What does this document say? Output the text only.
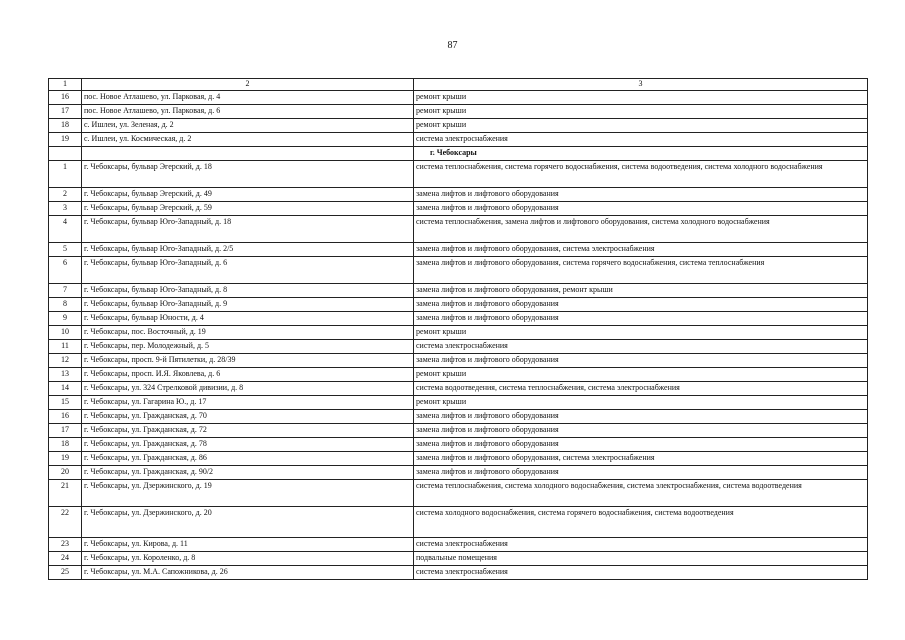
87
1	2	3
16	пос. Новое Атлашево, ул. Парковая, д. 4	ремонт крыши
17	пос. Новое Атлашево, ул. Парковая, д. 6	ремонт крыши
18	с. Ишлеи, ул. Зеленая, д. 2	ремонт крыши
19	с. Ишлеи, ул. Космическая, д. 2	система электроснабжения
		г. Чебоксары
1	г. Чебоксары, бульвар Эгерский, д. 18	система теплоснабжения, система горячего водоснабжения, система водоотведения, система холодного водоснабжения
2	г. Чебоксары, бульвар Эгерский, д. 49	замена лифтов и лифтового оборудования
3	г. Чебоксары, бульвар Эгерский, д. 59	замена лифтов и лифтового оборудования
4	г. Чебоксары, бульвар Юго-Западный, д. 18	система теплоснабжения, замена лифтов и лифтового оборудования, система холодного водоснабжения
5	г. Чебоксары, бульвар Юго-Западный, д. 2/5	замена лифтов и лифтового оборудования, система электроснабжения
6	г. Чебоксары, бульвар Юго-Западный, д. 6	замена лифтов и лифтового оборудования, система горячего водоснабжения, система теплоснабжения
7	г. Чебоксары, бульвар Юго-Западный, д. 8	замена лифтов и лифтового оборудования, ремонт крыши
8	г. Чебоксары, бульвар Юго-Западный, д. 9	замена лифтов и лифтового оборудования
9	г. Чебоксары, бульвар Юности, д. 4	замена лифтов и лифтового оборудования
10	г. Чебоксары, пос. Восточный, д. 19	ремонт крыши
11	г. Чебоксары, пер. Молодежный, д. 5	система электроснабжения
12	г. Чебоксары, просп. 9-й Пятилетки, д. 28/39	замена лифтов и лифтового оборудования
13	г. Чебоксары, просп. И.Я. Яковлева, д. 6	ремонт крыши
14	г. Чебоксары, ул. 324 Стрелковой дивизии, д. 8	система водоотведения, система теплоснабжения, система электроснабжения
15	г. Чебоксары, ул. Гагарина Ю., д. 17	ремонт крыши
16	г. Чебоксары, ул. Гражданская, д. 70	замена лифтов и лифтового оборудования
17	г. Чебоксары, ул. Гражданская, д. 72	замена лифтов и лифтового оборудования
18	г. Чебоксары, ул. Гражданская, д. 78	замена лифтов и лифтового оборудования
19	г. Чебоксары, ул. Гражданская, д. 86	замена лифтов и лифтового оборудования, система электроснабжения
20	г. Чебоксары, ул. Гражданская, д. 90/2	замена лифтов и лифтового оборудования
21	г. Чебоксары, ул. Дзержинского, д. 19	система теплоснабжения, система холодного водоснабжения, система электроснабжения, система водоотведения
22	г. Чебоксары, ул. Дзержинского, д. 20	система холодного водоснабжения, система горячего водоснабжения, система водоотведения
23	г. Чебоксары, ул. Кирова, д. 11	система электроснабжения
24	г. Чебоксары, ул. Короленко, д. 8	подвальные помещения
25	г. Чебоксары, ул. М.А. Сапожникова, д. 26	система электроснабжения
